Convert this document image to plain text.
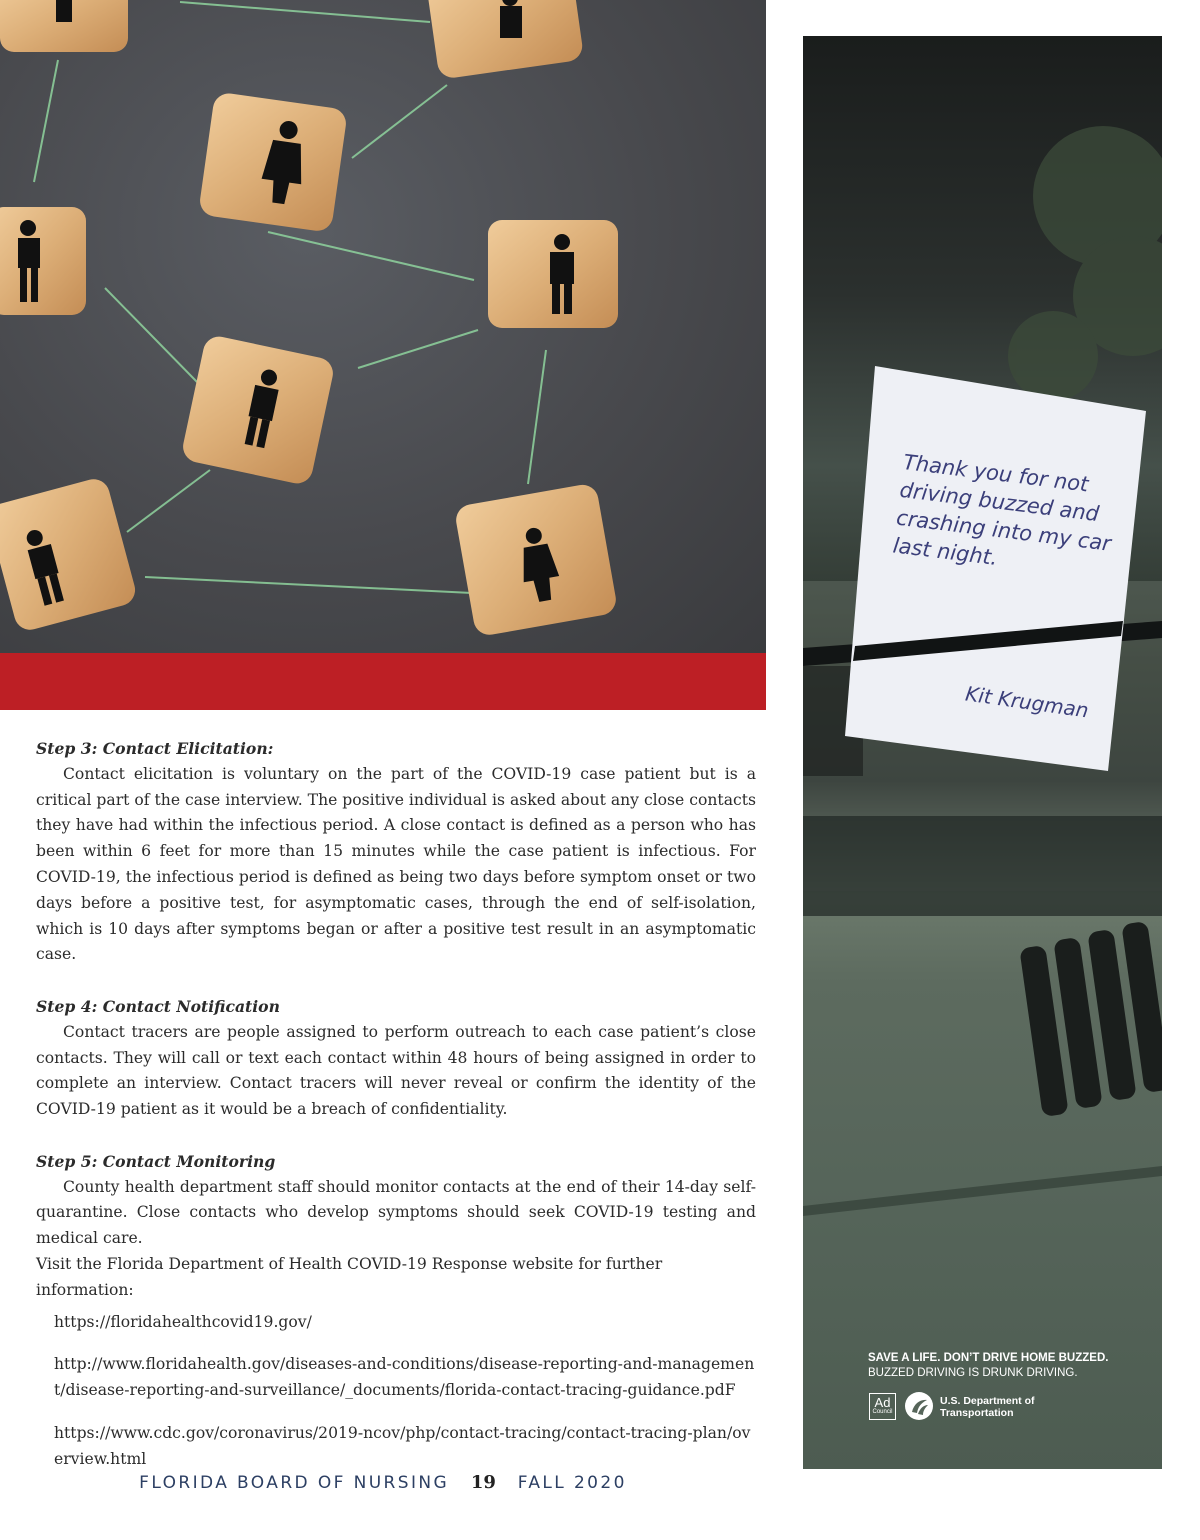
Step 3: Contact Elicitation:

Contact elicitation is voluntary on the part of the COVID-19 case patient but is a critical part of the case interview. The positive individual is asked about any close contacts they have had within the infectious period. A close contact is defined as a person who has been within 6 feet for more than 15 minutes while the case patient is infectious. For COVID-19, the infectious period is defined as being two days before symptom onset or two days before a positive test, for asymptomatic cases, through the end of self-isolation, which is 10 days after symptoms began or after a positive test result in an asymptomatic case.

Step 4: Contact Notification

Contact tracers are people assigned to perform outreach to each case patient’s close contacts. They will call or text each contact within 48 hours of being assigned in order to complete an interview. Contact tracers will never reveal or confirm the identity of the COVID-19 patient as it would be a breach of confidentiality.

Step 5: Contact Monitoring

County health department staff should monitor contacts at the end of their 14-day self-quarantine. Close contacts who develop symptoms should seek COVID-19 testing and medical care.

Visit the Florida Department of Health COVID-19 Response website for further information:

https://floridahealthcovid19.gov/
http://www.floridahealth.gov/diseases-and-conditions/disease-reporting-and-management/disease-reporting-and-surveillance/_documents/florida-contact-tracing-guidance.pdF
https://www.cdc.gov/coronavirus/2019-ncov/php/contact-tracing/contact-tracing-plan/overview.html
FLORIDA BOARD OF NURSING 19 FALL 2020
Thank you for not driving buzzed and crashing into my car last night.
Kit Krugman
SAVE A LIFE. DON’T DRIVE HOME BUZZED.
BUZZED DRIVING IS DRUNK DRIVING.
Ad
Council
U.S. Department of Transportation
